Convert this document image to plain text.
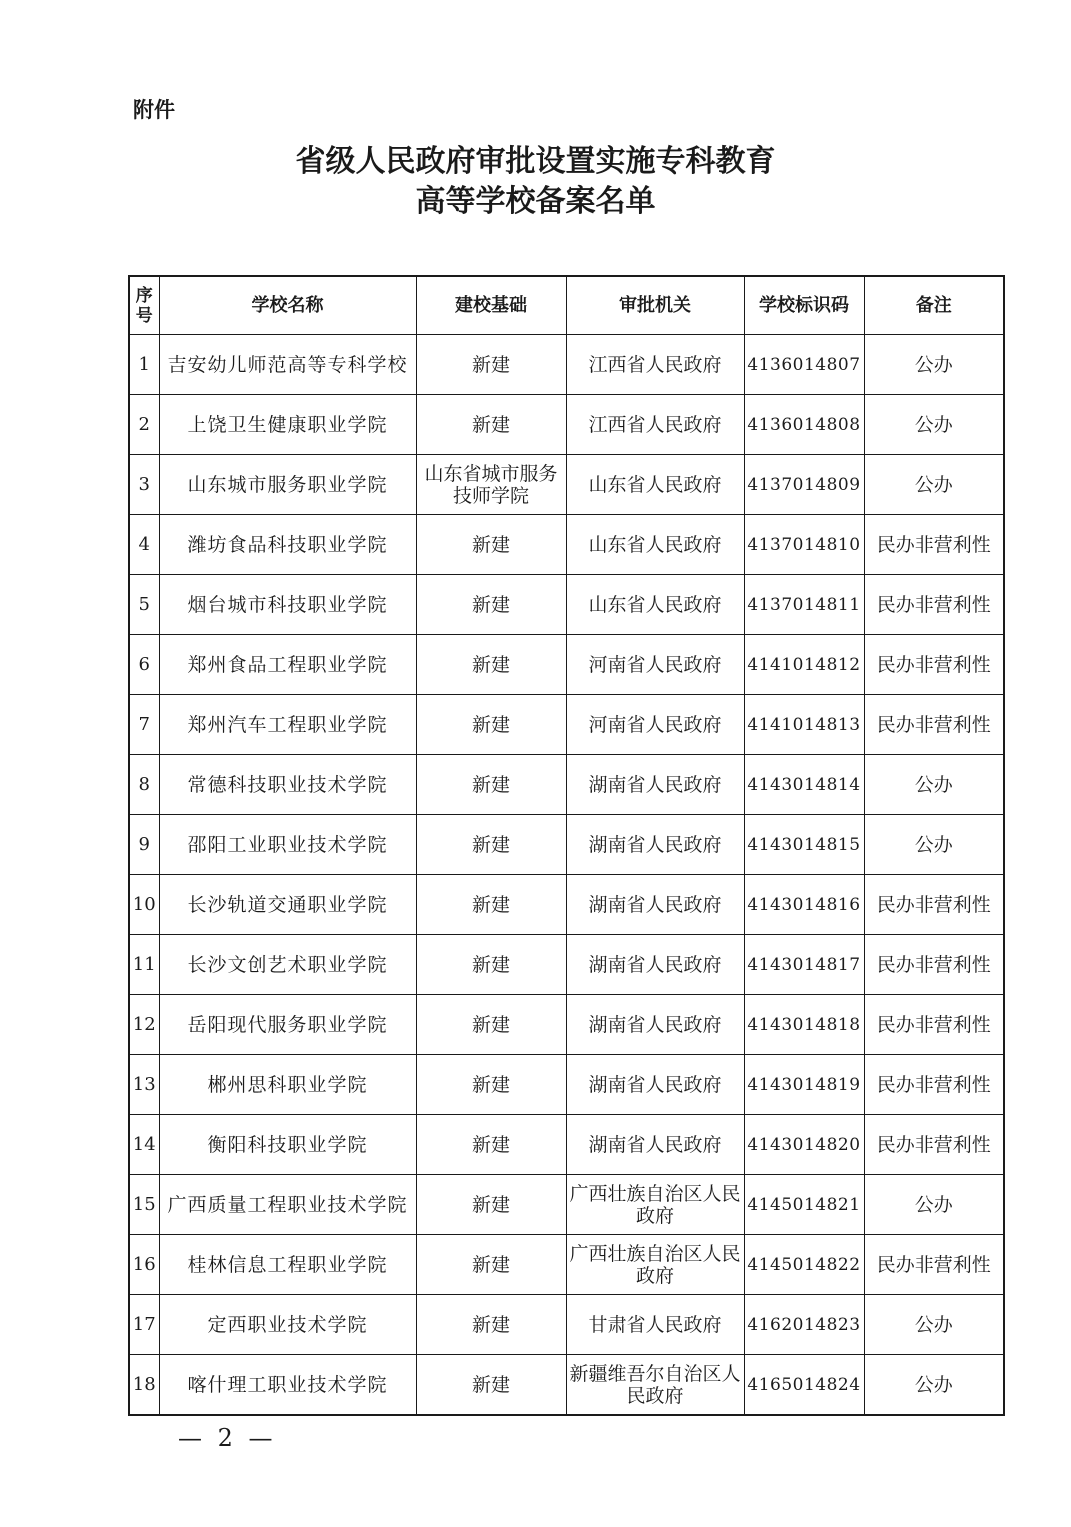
附件
省级人民政府审批设置实施专科教育
高等学校备案名单
序
号	学校名称	建校基础	审批机关	学校标识码	备注
1	吉安幼儿师范高等专科学校	新建	江西省人民政府	4136014807	公办
2	上饶卫生健康职业学院	新建	江西省人民政府	4136014808	公办
3	山东城市服务职业学院	山东省城市服务技师学院	山东省人民政府	4137014809	公办
4	潍坊食品科技职业学院	新建	山东省人民政府	4137014810	民办非营利性
5	烟台城市科技职业学院	新建	山东省人民政府	4137014811	民办非营利性
6	郑州食品工程职业学院	新建	河南省人民政府	4141014812	民办非营利性
7	郑州汽车工程职业学院	新建	河南省人民政府	4141014813	民办非营利性
8	常德科技职业技术学院	新建	湖南省人民政府	4143014814	公办
9	邵阳工业职业技术学院	新建	湖南省人民政府	4143014815	公办
10	长沙轨道交通职业学院	新建	湖南省人民政府	4143014816	民办非营利性
11	长沙文创艺术职业学院	新建	湖南省人民政府	4143014817	民办非营利性
12	岳阳现代服务职业学院	新建	湖南省人民政府	4143014818	民办非营利性
13	郴州思科职业学院	新建	湖南省人民政府	4143014819	民办非营利性
14	衡阳科技职业学院	新建	湖南省人民政府	4143014820	民办非营利性
15	广西质量工程职业技术学院	新建	广西壮族自治区人民政府	4145014821	公办
16	桂林信息工程职业学院	新建	广西壮族自治区人民政府	4145014822	民办非营利性
17	定西职业技术学院	新建	甘肃省人民政府	4162014823	公办
18	喀什理工职业技术学院	新建	新疆维吾尔自治区人民政府	4165014824	公办
— 2 —
